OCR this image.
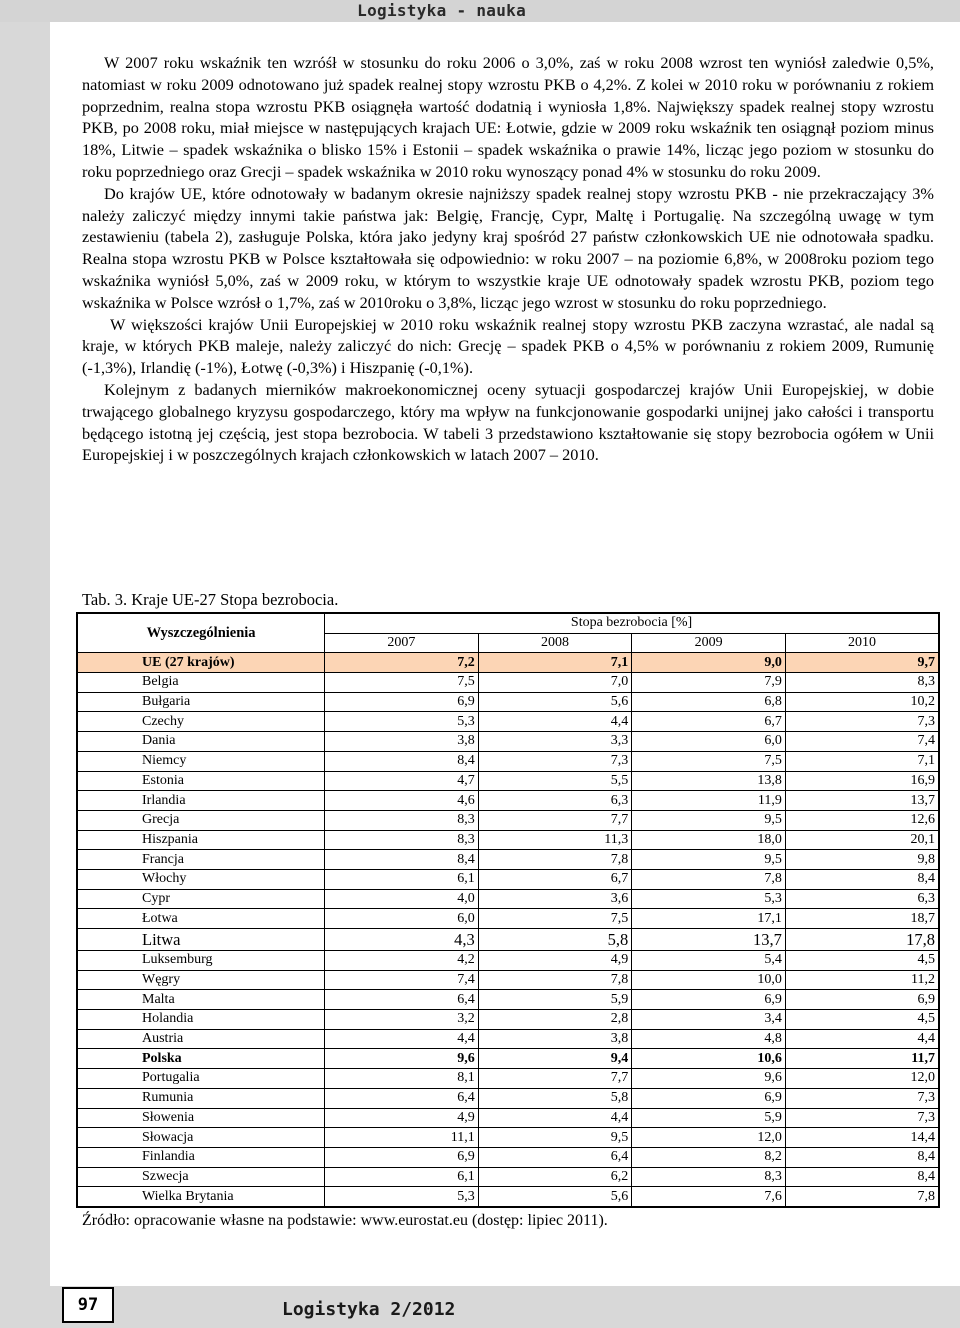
Logistyka - nauka

W 2007 roku wskaźnik ten wzróśł w stosunku do roku 2006 o 3,0%, zaś w roku 2008 wzrost ten wyniósł zaledwie 0,5%, natomiast w roku 2009 odnotowano już spadek realnej stopy wzrostu PKB o 4,2%. Z kolei w 2010 roku w porównaniu z rokiem poprzednim, realna stopa wzrostu PKB osiągnęła wartość dodatnią i wyniosła 1,8%. Największy spadek realnej stopy wzrostu PKB, po 2008 roku, miał miejsce w następujących krajach UE: Łotwie, gdzie w 2009 roku wskaźnik ten osiągnął poziom minus 18%, Litwie – spadek wskaźnika o blisko 15% i Estonii – spadek wskaźnika o prawie 14%, licząc jego poziom w stosunku do roku poprzedniego oraz Grecji – spadek wskaźnika w 2010 roku wynoszący ponad 4% w stosunku do roku 2009.

Do krajów UE, które odnotowały w badanym okresie najniższy spadek realnej stopy wzrostu PKB - nie przekraczający 3% należy zaliczyć między innymi takie państwa jak: Belgię, Francję, Cypr, Maltę i Portugalię. Na szczególną uwagę w tym zestawieniu (tabela 2), zasługuje Polska, która jako jedyny kraj spośród 27 państw członkowskich UE nie odnotowała spadku. Realna stopa wzrostu PKB w Polsce kształtowała się odpowiednio: w roku 2007 – na poziomie 6,8%, w 2008roku poziom tego wskaźnika wyniósł 5,0%, zaś w 2009 roku, w którym to wszystkie kraje UE odnotowały spadek wzrostu PKB, poziom tego wskaźnika w Polsce wzrósł o 1,7%, zaś w 2010roku o 3,8%, licząc jego wzrost w stosunku do roku poprzedniego.

W większości krajów Unii Europejskiej w 2010 roku wskaźnik realnej stopy wzrostu PKB zaczyna wzrastać, ale nadal są kraje, w których PKB maleje, należy zaliczyć do nich: Grecję – spadek PKB o 4,5% w porównaniu z rokiem 2009, Rumunię (-1,3%), Irlandię (-1%), Łotwę (-0,3%) i Hiszpanię (-0,1%).

Kolejnym z badanych mierników makroekonomicznej oceny sytuacji gospodarczej krajów Unii Europejskiej, w dobie trwającego globalnego kryzysu gospodarczego, który ma wpływ na funkcjonowanie gospodarki unijnej jako całości i transportu będącego istotną jej częścią, jest stopa bezrobocia. W tabeli 3 przedstawiono kształtowanie się stopy bezrobocia ogółem w Unii Europejskiej i w poszczególnych krajach członkowskich w latach 2007 – 2010.

Tab. 3. Kraje UE-27 Stopa bezrobocia.
Wyszczególnienia	Stopa bezrobocia [%]			
	2007	2008	2009	2010
UE (27 krajów)	7,2	7,1	9,0	9,7
Belgia	7,5	7,0	7,9	8,3
Bułgaria	6,9	5,6	6,8	10,2
Czechy	5,3	4,4	6,7	7,3
Dania	3,8	3,3	6,0	7,4
Niemcy	8,4	7,3	7,5	7,1
Estonia	4,7	5,5	13,8	16,9
Irlandia	4,6	6,3	11,9	13,7
Grecja	8,3	7,7	9,5	12,6
Hiszpania	8,3	11,3	18,0	20,1
Francja	8,4	7,8	9,5	9,8
Włochy	6,1	6,7	7,8	8,4
Cypr	4,0	3,6	5,3	6,3
Łotwa	6,0	7,5	17,1	18,7
Litwa	4,3	5,8	13,7	17,8
Luksemburg	4,2	4,9	5,4	4,5
Węgry	7,4	7,8	10,0	11,2
Malta	6,4	5,9	6,9	6,9
Holandia	3,2	2,8	3,4	4,5
Austria	4,4	3,8	4,8	4,4
Polska	9,6	9,4	10,6	11,7
Portugalia	8,1	7,7	9,6	12,0
Rumunia	6,4	5,8	6,9	7,3
Słowenia	4,9	4,4	5,9	7,3
Słowacja	11,1	9,5	12,0	14,4
Finlandia	6,9	6,4	8,2	8,4
Szwecja	6,1	6,2	8,3	8,4
Wielka Brytania	5,3	5,6	7,6	7,8
Źródło: opracowanie własne na podstawie: www.eurostat.eu (dostęp: lipiec 2011).
97	Logistyka 2/2012
